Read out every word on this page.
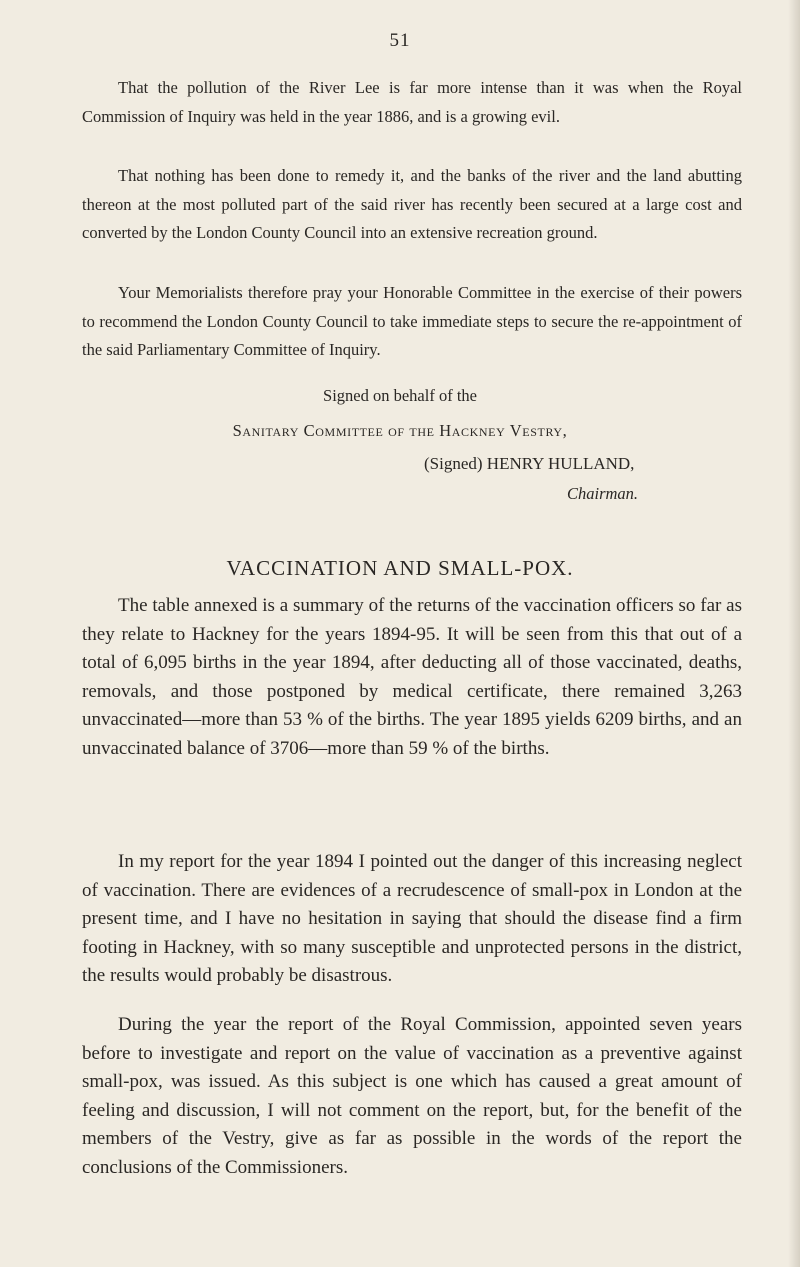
51

That the pollution of the River Lee is far more intense than it was when the Royal Commission of Inquiry was held in the year 1886, and is a growing evil.

That nothing has been done to remedy it, and the banks of the river and the land abutting thereon at the most polluted part of the said river has recently been secured at a large cost and converted by the London County Council into an extensive recreation ground.

Your Memorialists therefore pray your Honorable Committee in the exercise of their powers to recommend the London County Council to take immediate steps to secure the re-appointment of the said Parliamentary Committee of Inquiry.

Signed on behalf of the
Sanitary Committee of the Hackney Vestry,
(Signed) HENRY HULLAND,
Chairman.
VACCINATION AND SMALL-POX.

The table annexed is a summary of the returns of the vaccination officers so far as they relate to Hackney for the years 1894-95. It will be seen from this that out of a total of 6,095 births in the year 1894, after deducting all of those vaccinated, deaths, removals, and those postponed by medical certificate, there remained 3,263 unvaccinated—more than 53 % of the births. The year 1895 yields 6209 births, and an unvaccinated balance of 3706—more than 59 % of the births.

In my report for the year 1894 I pointed out the danger of this increasing neglect of vaccination. There are evidences of a recrudescence of small-pox in London at the present time, and I have no hesitation in saying that should the disease find a firm footing in Hackney, with so many susceptible and unprotected persons in the district, the results would probably be disastrous.

During the year the report of the Royal Commission, appointed seven years before to investigate and report on the value of vaccination as a preventive against small-pox, was issued. As this subject is one which has caused a great amount of feeling and discussion, I will not comment on the report, but, for the benefit of the members of the Vestry, give as far as possible in the words of the report the conclusions of the Commissioners.
